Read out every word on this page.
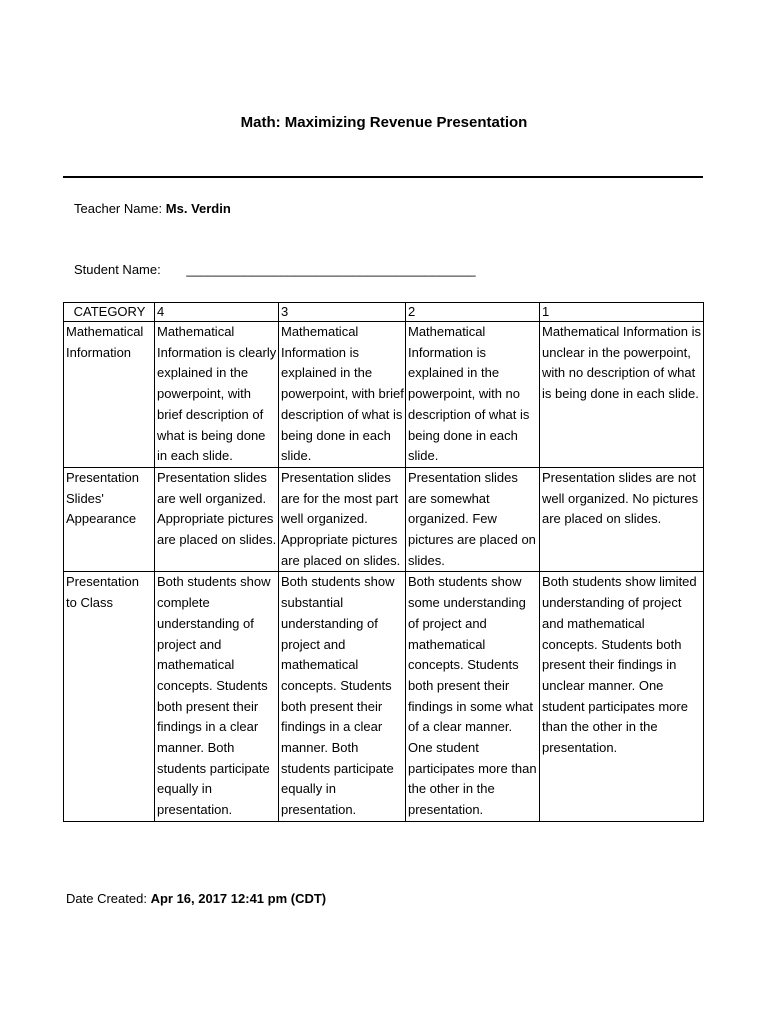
Math: Maximizing Revenue Presentation
Teacher Name: Ms. Verdin
Student Name: ________________________________________
CATEGORY	4	3	2	1
Mathematical Information	Mathematical Information is clearly explained in the powerpoint, with brief description of what is being done in each slide.	Mathematical Information is explained in the powerpoint, with brief description of what is being done in each slide.	Mathematical Information is explained in the powerpoint, with no description of what is being done in each slide.	Mathematical Information is unclear in the powerpoint, with no description of what is being done in each slide.
Presentation Slides' Appearance	Presentation slides are well organized. Appropriate pictures are placed on slides.	Presentation slides are for the most part well organized. Appropriate pictures are placed on slides.	Presentation slides are somewhat organized. Few pictures are placed on slides.	Presentation slides are not well organized. No pictures are placed on slides.
Presentation to Class	Both students show complete understanding of project and mathematical concepts. Students both present their findings in a clear manner. Both students participate equally in presentation.	Both students show substantial understanding of project and mathematical concepts. Students both present their findings in a clear manner. Both students participate equally in presentation.	Both students show some understanding of project and mathematical concepts. Students both present their findings in some what of a clear manner. One student participates more than the other in the presentation.	Both students show limited understanding of project and mathematical concepts. Students both present their findings in unclear manner. One student participates more than the other in the presentation.
Date Created: Apr 16, 2017 12:41 pm (CDT)
